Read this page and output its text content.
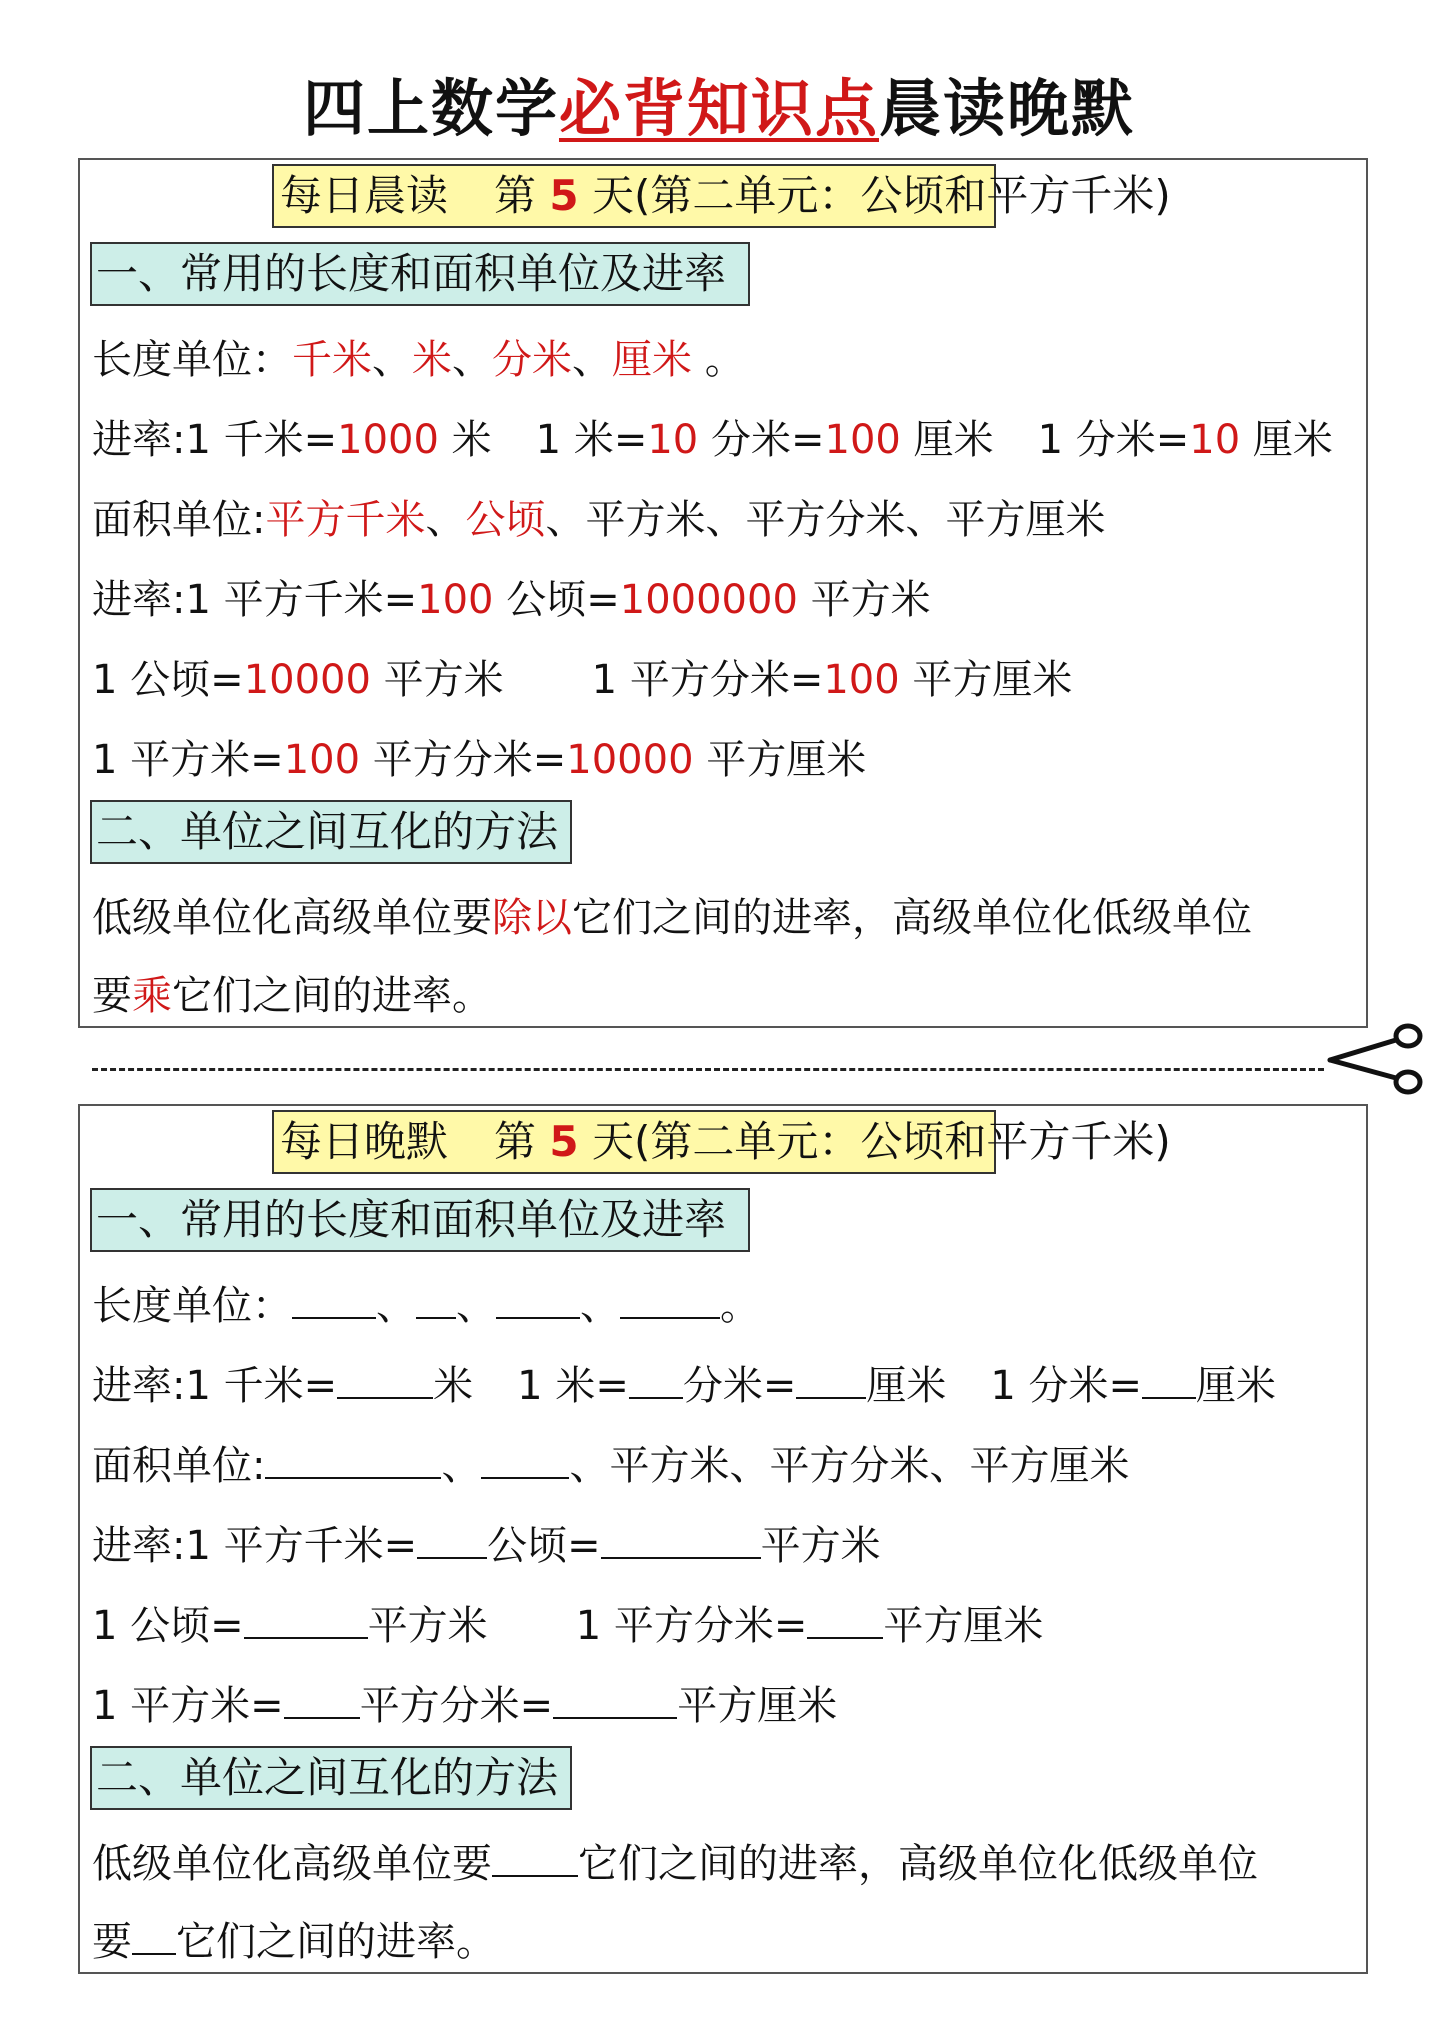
四上数学必背知识点晨读晚默
每日晨读 第 5 天(第二单元：公顷和平方千米)
一、常用的长度和面积单位及进率
长度单位：千米、米、分米、厘米 。
进率:1 千米=1000 米 1 米=10 分米=100 厘米 1 分米=10 厘米
面积单位:平方千米、公顷、平方米、平方分米、平方厘米
进率:1 平方千米=100 公顷=1000000 平方米
1 公顷=10000 平方米 1 平方分米=100 平方厘米
1 平方米=100 平方分米=10000 平方厘米
二、单位之间互化的方法
低级单位化高级单位要除以它们之间的进率，高级单位化低级单位
要乘它们之间的进率。
每日晚默 第 5 天(第二单元：公顷和平方千米)
一、常用的长度和面积单位及进率
长度单位： 、 、 、	。
进率:1 千米= 米 1 米= 分米= 厘米 1 分米= 厘米
面积单位:	、 、平方米、平方分米、平方厘米
进率:1 平方千米= 公顷=	平方米
1 公顷=	平方米 1 平方分米= 平方厘米
1 平方米= 平方分米=	平方厘米
二、单位之间互化的方法
低级单位化高级单位要 它们之间的进率，高级单位化低级单位
要 它们之间的进率。
